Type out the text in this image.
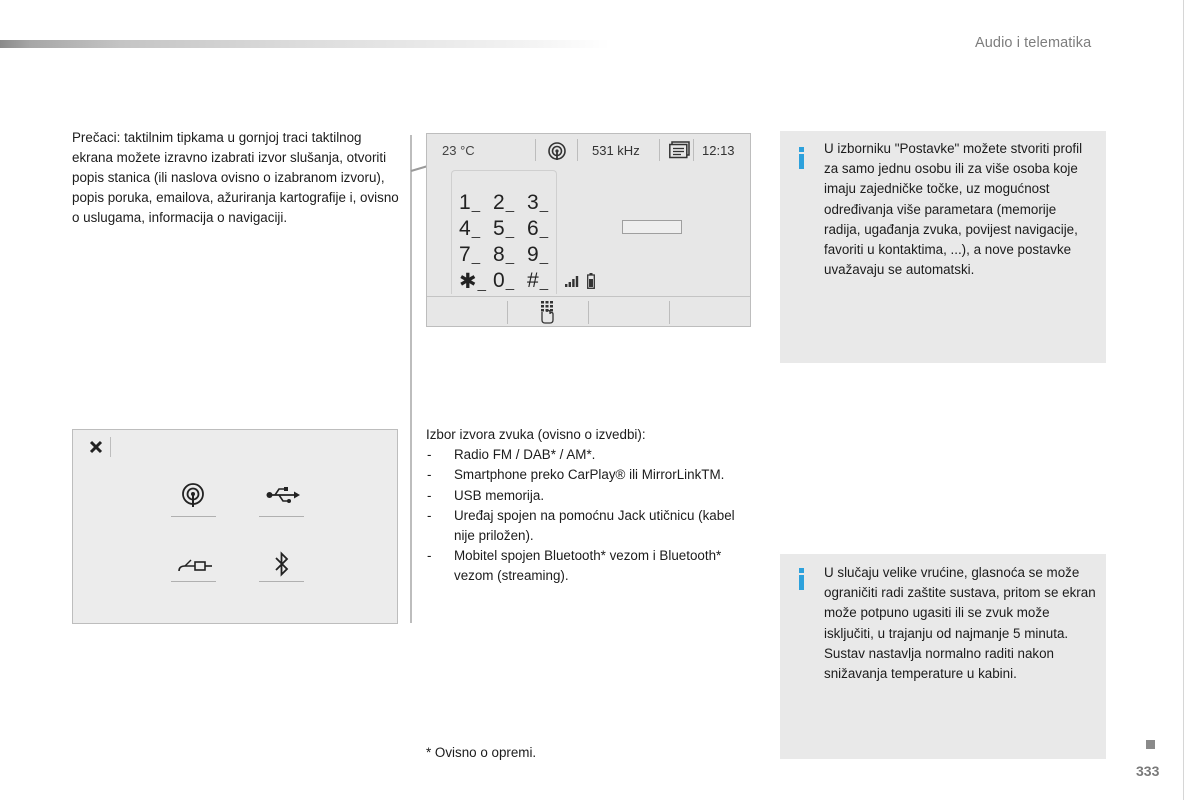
Audio i telematika
Prečaci: taktilnim tipkama u gornjoj traci taktilnog ekrana možete izravno izabrati izvor slušanja, otvoriti popis stanica (ili naslova ovisno o izabranom izvoru), popis poruka, emailova, ažuriranja kartografije i, ovisno o uslugama, informacija o navigaciji.
23 °C	531 kHz	12:13
1_ 2_ 3_
4_ 5_ 6_
7_ 8_ 9_
✱_ 0_ #_
U izborniku "Postavke" možete stvoriti profil za samo jednu osobu ili za više osoba koje imaju zajedničke točke, uz mogućnost određivanja više parametara (memorije radija, ugađanja zvuka, povijest navigacije, favoriti u kontaktima, ...), a nove postavke uvažavaju se automatski.
Izbor izvora zvuka (ovisno o izvedbi):
- Radio FM / DAB* / AM*.
- Smartphone preko CarPlay® ili MirrorLinkTM.
- USB memorija.
- Uređaj spojen na pomoćnu Jack utičnicu (kabel nije priložen).
- Mobitel spojen Bluetooth* vezom i Bluetooth* vezom (streaming).	U slučaju velike vrućine, glasnoća se može ograničiti radi zaštite sustava, pritom se ekran može potpuno ugasiti ili se zvuk može isključiti, u trajanju od najmanje 5 minuta. Sustav nastavlja normalno raditi nakon snižavanja temperature u kabini.
* Ovisno o opremi.
333
